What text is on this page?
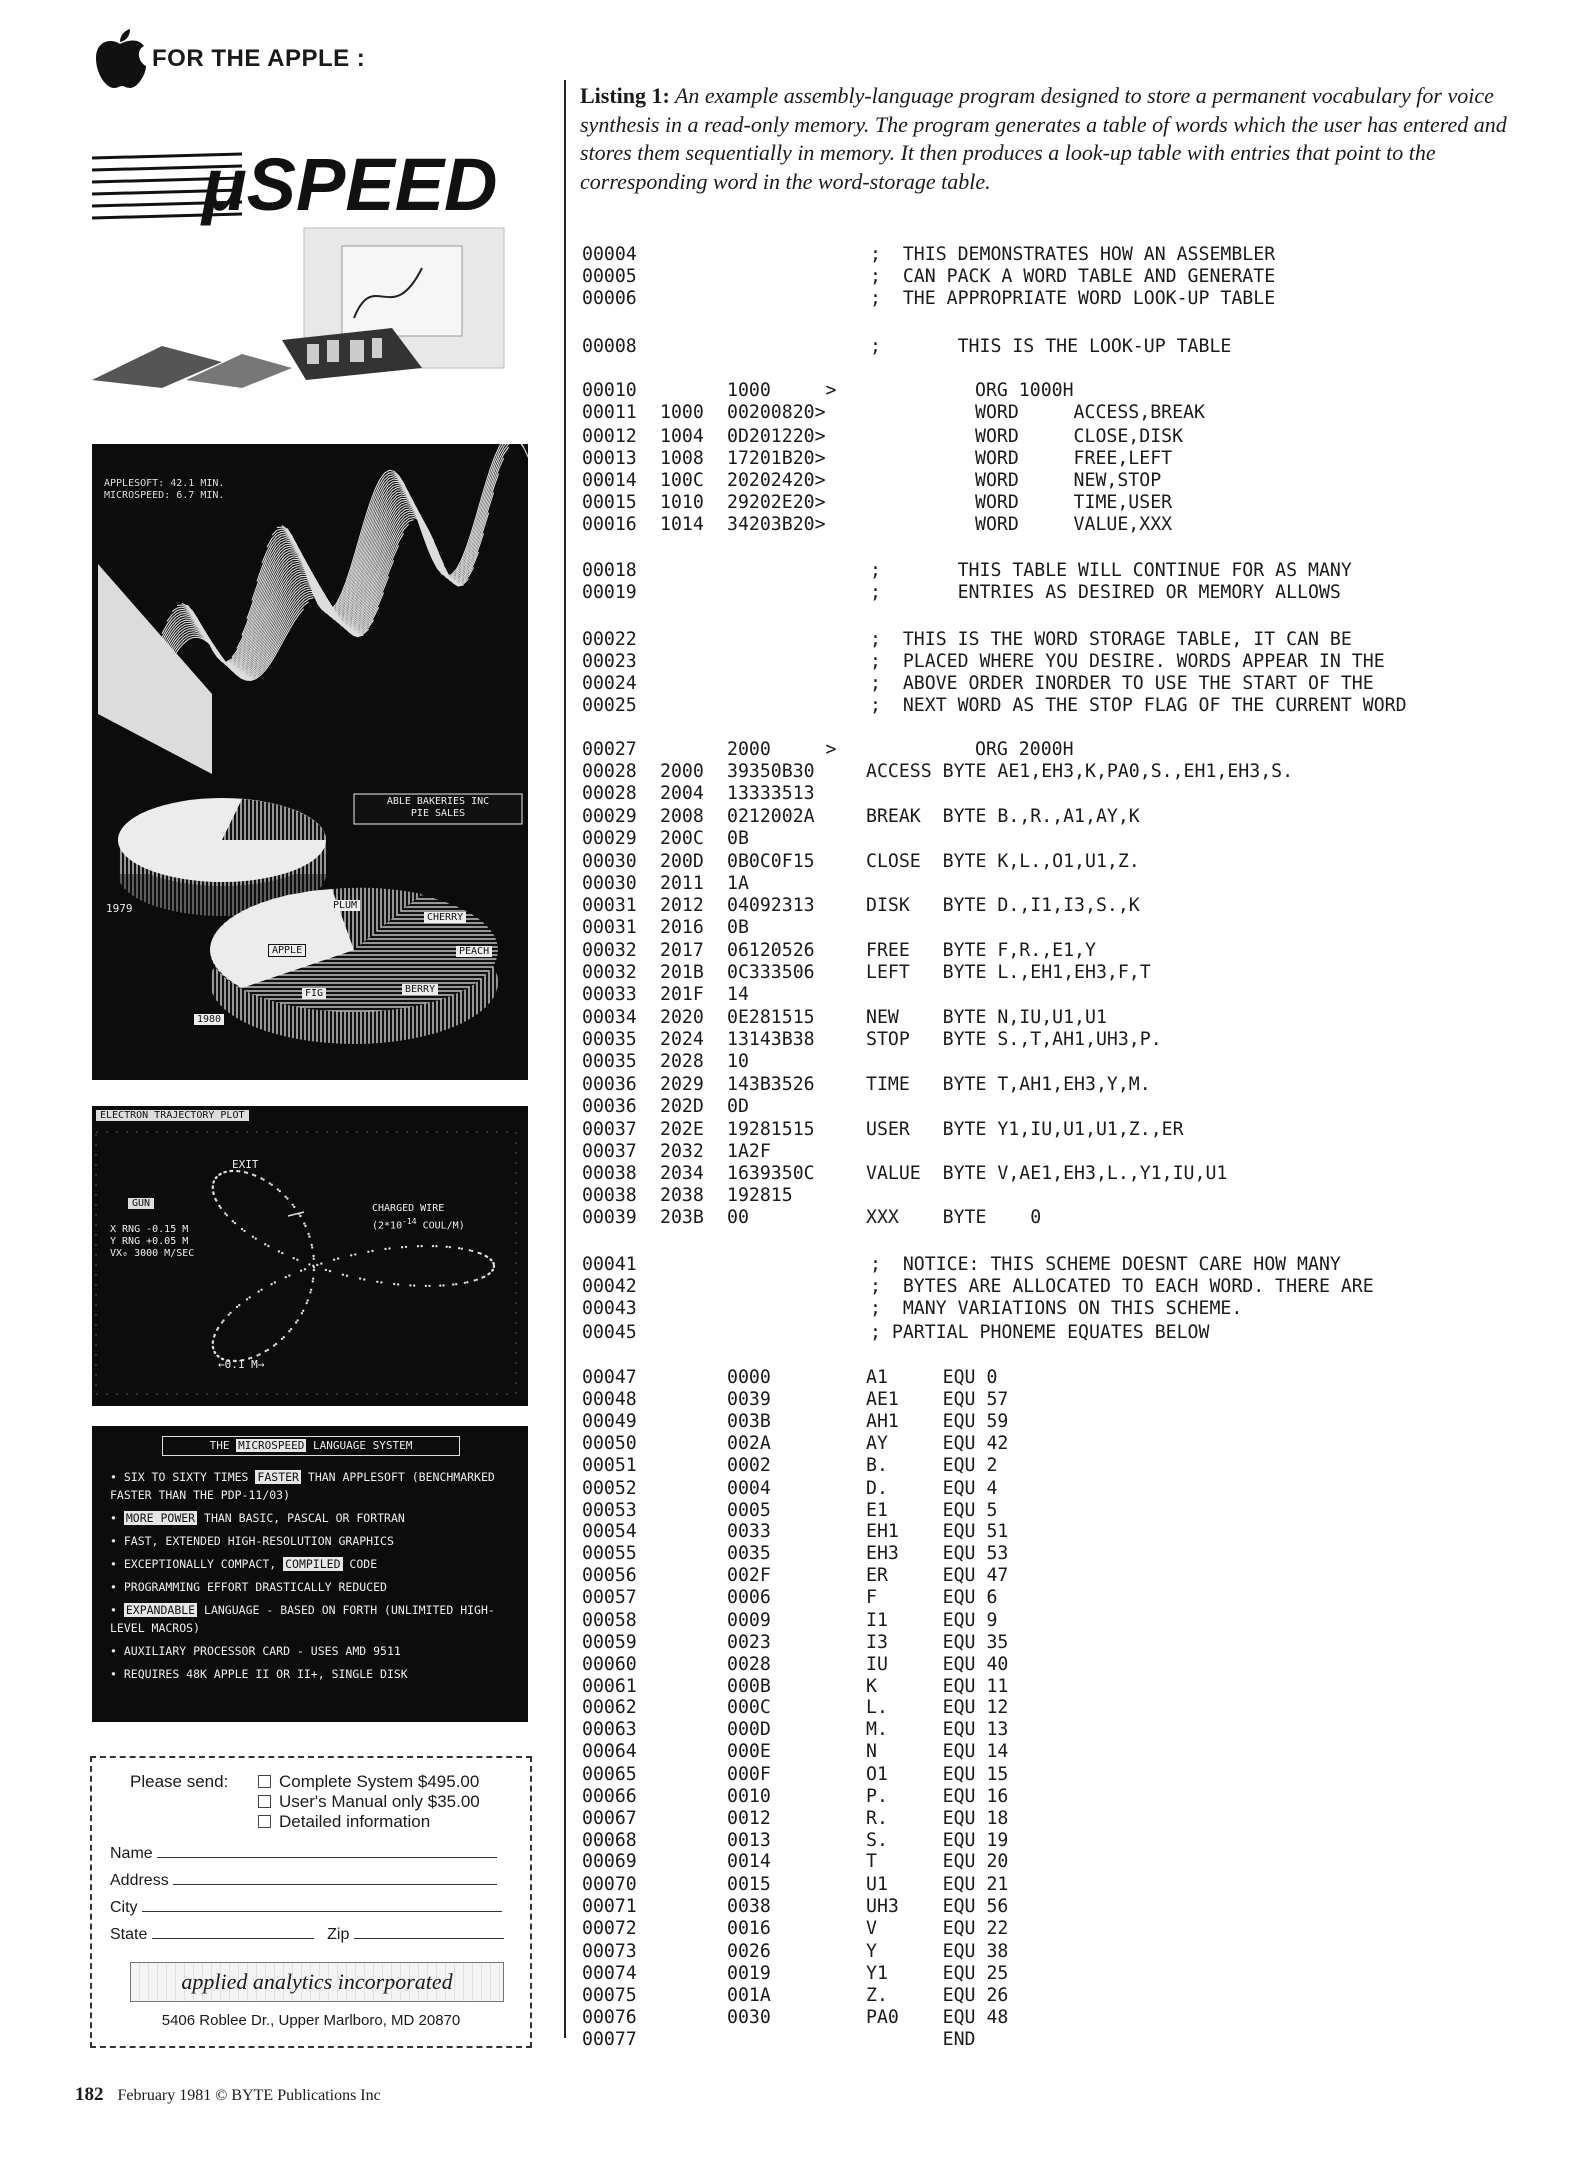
FOR THE APPLE :
μSPEED
APPLESOFT: 42.1 MIN.
MICROSPEED: 6.7 MIN.
ABLE BAKERIES INC
PIE SALES
1979
1980
PLUM
CHERRY
APPLE	PEACH
FIG	BERRY
ELECTRON TRAJECTORY PLOT
EXIT
GUN	CHARGED WIRE
($2*10^{-14}$ COUL/M)
X RNG -0.15 M
Y RNG +0.05 M
VX₀ 3000 M/SEC
←0.1 M→
THE MICROSPEED LANGUAGE SYSTEM
• SIX TO SIXTY TIMES FASTER THAN APPLESOFT (BENCHMARKED FASTER THAN THE PDP-11/03)
• MORE POWER THAN BASIC, PASCAL OR FORTRAN
• FAST, EXTENDED HIGH-RESOLUTION GRAPHICS
• EXCEPTIONALLY COMPACT, COMPILED CODE
• PROGRAMMING EFFORT DRASTICALLY REDUCED
• EXPANDABLE LANGUAGE - BASED ON FORTH (UNLIMITED HIGH-LEVEL MACROS)
• AUXILIARY PROCESSOR CARD - USES AMD 9511
• REQUIRES 48K APPLE II OR II+, SINGLE DISK
Please send:	Complete System $495.00
User's Manual only $35.00
Detailed information
Name
Address
City
State	Zip
applied analytics incorporated
5406 Roblee Dr., Upper Marlboro, MD 20870
182 February 1981 © BYTE Publications Inc
Listing 1: An example assembly-language program designed to store a permanent vocabulary for voice synthesis in a read-only memory. The program generates a table of words which the user has entered and stores them sequentially in memory. It then produces a look-up table with entries that point to the corresponding word in the word-storage table.
00004	;  THIS DEMONSTRATES HOW AN ASSEMBLER
00005	;  CAN PACK A WORD TABLE AND GENERATE
00006	;  THE APPROPRIATE WORD LOOK-UP TABLE
00008	;       THIS IS THE LOOK-UP TABLE
00010	1000     >	ORG 1000H
00011 1000 00200820>	WORD     ACCESS,BREAK
00012 1004 0D201220>	WORD     CLOSE,DISK
00013 1008 17201B20>	WORD     FREE,LEFT
00014 100C 20202420>	WORD     NEW,STOP
00015 1010 29202E20>	WORD     TIME,USER
00016 1014 34203B20>	WORD     VALUE,XXX
00018	;       THIS TABLE WILL CONTINUE FOR AS MANY
00019	;       ENTRIES AS DESIRED OR MEMORY ALLOWS
00022	;  THIS IS THE WORD STORAGE TABLE, IT CAN BE
00023	;  PLACED WHERE YOU DESIRE. WORDS APPEAR IN THE
00024	;  ABOVE ORDER INORDER TO USE THE START OF THE
00025	;  NEXT WORD AS THE STOP FLAG OF THE CURRENT WORD
00027	2000     >	ORG 2000H
00028 2000 39350B30	ACCESS BYTE AE1,EH3,K,PA0,S.,EH1,EH3,S.
00028 2004 13333513
00029 2008 0212002A	BREAK  BYTE B.,R.,A1,AY,K
00029 200C 0B
00030 200D 0B0C0F15	CLOSE  BYTE K,L.,O1,U1,Z.
00030 2011 1A
00031 2012 04092313	DISK   BYTE D.,I1,I3,S.,K
00031 2016 0B
00032 2017 06120526	FREE   BYTE F,R.,E1,Y
00032 201B 0C333506	LEFT   BYTE L.,EH1,EH3,F,T
00033 201F 14
00034 2020 0E281515	NEW    BYTE N,IU,U1,U1
00035 2024 13143B38	STOP   BYTE S.,T,AH1,UH3,P.
00035 2028 10
00036 2029 143B3526	TIME   BYTE T,AH1,EH3,Y,M.
00036 202D 0D
00037 202E 19281515	USER   BYTE Y1,IU,U1,U1,Z.,ER
00037 2032 1A2F
00038 2034 1639350C	VALUE  BYTE V,AE1,EH3,L.,Y1,IU,U1
00038 2038 192815
00039 203B 00	XXX    BYTE    0
00041	;  NOTICE: THIS SCHEME DOESNT CARE HOW MANY
00042	;  BYTES ARE ALLOCATED TO EACH WORD. THERE ARE
00043	;  MANY VARIATIONS ON THIS SCHEME.
00045	; PARTIAL PHONEME EQUATES BELOW
00047	0000	A1     EQU 0
00048	0039	AE1    EQU 57
00049	003B	AH1    EQU 59
00050	002A	AY     EQU 42
00051	0002	B.     EQU 2
00052	0004	D.     EQU 4
00053	0005	E1     EQU 5
00054	0033	EH1    EQU 51
00055	0035	EH3    EQU 53
00056	002F	ER     EQU 47
00057	0006	F      EQU 6
00058	0009	I1     EQU 9
00059	0023	I3     EQU 35
00060	0028	IU     EQU 40
00061	000B	K      EQU 11
00062	000C	L.     EQU 12
00063	000D	M.     EQU 13
00064	000E	N      EQU 14
00065	000F	O1     EQU 15
00066	0010	P.     EQU 16
00067	0012	R.     EQU 18
00068	0013	S.     EQU 19
00069	0014	T      EQU 20
00070	0015	U1     EQU 21
00071	0038	UH3    EQU 56
00072	0016	V      EQU 22
00073	0026	Y      EQU 38
00074	0019	Y1     EQU 25
00075	001A	Z.     EQU 26
00076	0030	PA0    EQU 48
00077	END
